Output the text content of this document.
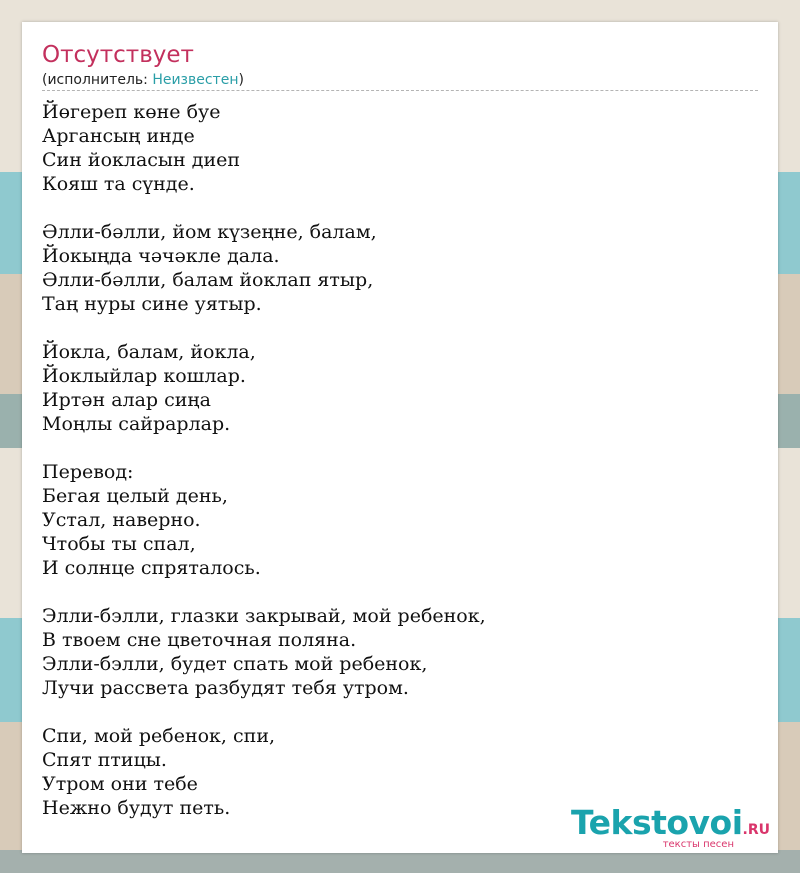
Отсутствует
(исполнитель: Неизвестен)
Йөгереп көне буе
Аргансың инде
Син йокласын диеп
Кояш та сүнде.
Әлли-бәлли, йом күзеңне, балам,
Йокыңда чәчәкле дала.
Әлли-бәлли, балам йоклап ятыр,
Таң нуры сине уятыр.
Йокла, балам, йокла,
Йоклыйлар кошлар.
Иртән алар сиңа
Моңлы сайрарлар.
Перевод:
Бегая целый день,
Устал, наверно.
Чтобы ты спал,
И солнце спряталось.
Элли-бэлли, глазки закрывай, мой ребенок,
В твоем сне цветочная поляна.
Элли-бэлли, будет спать мой ребенок,
Лучи рассвета разбудят тебя утром.
Спи, мой ребенок, спи,
Спят птицы.
Утром они тебе
Нежно будут петь.	Tekstovoi.RU
тексты песен
